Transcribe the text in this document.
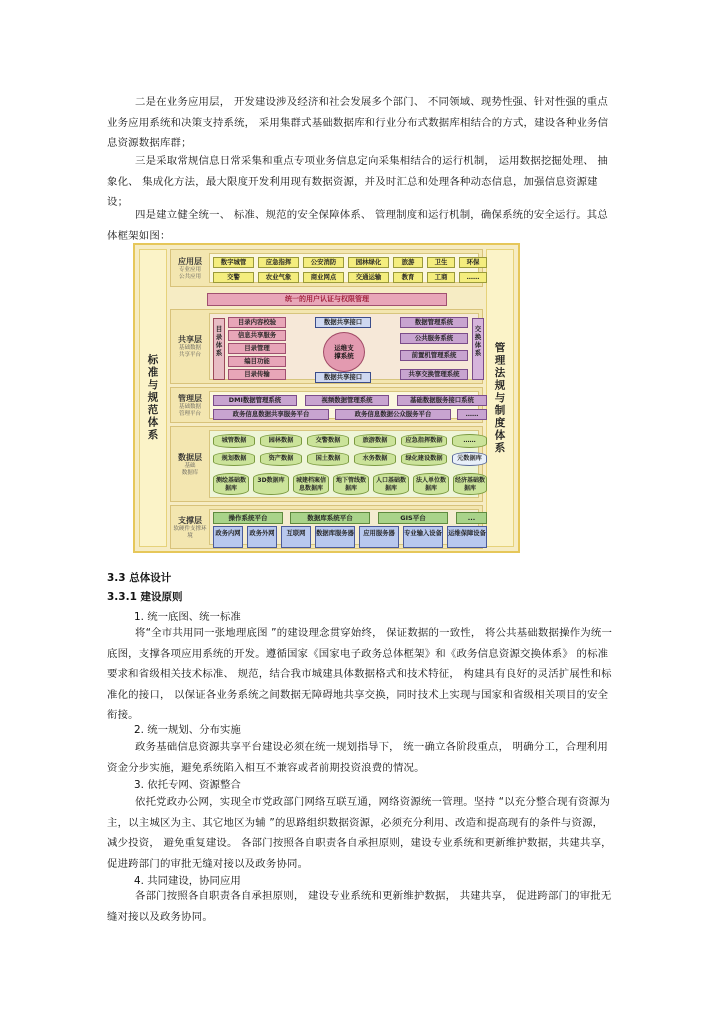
二是在业务应用层， 开发建设涉及经济和社会发展多个部门、 不同领域、现势性强、针对性强的重点业务应用系统和决策支持系统， 采用集群式基础数据库和行业分布式数据库相结合的方式，建设各种业务信息资源数据库群；

三是采取常规信息日常采集和重点专项业务信息定向采集相结合的运行机制， 运用数据挖掘处理、 抽象化、 集成化方法，最大限度开发利用现有数据资源，并及时汇总和处理各种动态信息，加强信息资源建设；

四是建立健全统一、 标准、规范的安全保障体系、 管理制度和运行机制，确保系统的安全运行。其总体框架如图：

标准与规范体系	管理法规与制度体系
应用层
专业应用
公共应用
数字城管	应急指挥	公安消防	园林绿化	旅游	卫生	环保
交警	农业气象	商业网点	交通运输	教育	工商	……
统一的用户认证与权限管理
共享层
基础数据
共享平台
目录体系
目录内容校验
信息共享服务
目录管理
编目功能
目录传输
数据共享接口
运维支撑系统
数据共享接口
数据管理系统
公共服务系统
前置机管理系统
共享交换管理系统
交换体系
管理层
基础数据
管理平台
DMI数据管理系统	视频数据管理系统	基础数据服务接口系统
政务信息数据共享服务平台	政务信息数据公众服务平台	……
数据层
基础
数据库
城管数据	园林数据	交警数据	旅游数据	应急指挥数据	……
规划数据	资产数据	国土数据	水务数据	绿化建设数据	元数据库
测绘基础数据库
3D数据库	城建档案信息数据库
地下管线数据库
人口基础数据库
法人单位数据库
经济基础数据库
支撑层
软硬件支撑环境
操作系统平台	数据库系统平台	GIS平台	...
政务内网	政务外网	互联网	数据库服务器	应用服务器	专业输入设备 运维保障设备

3.3 总体设计

3.3.1 建设原则

1. 统一底图、统一标准

将“全市共用同一张地理底图 ”的建设理念贯穿始终， 保证数据的一致性， 将公共基础数据操作为统一底图，支撑各项应用系统的开发。遵循国家《国家电子政务总体框架》和《政务信息资源交换体系》 的标准要求和省级相关技术标准、 规范，结合我市城建具体数据格式和技术特征， 构建具有良好的灵活扩展性和标准化的接口， 以保证各业务系统之间数据无障碍地共享交换，同时技术上实现与国家和省级相关项目的安全衔接。

2. 统一规划、分布实施

政务基础信息资源共享平台建设必须在统一规划指导下， 统一确立各阶段重点， 明确分工，合理利用资金分步实施，避免系统陷入相互不兼容或者前期投资浪费的情况。

3. 依托专网、资源整合

依托党政办公网，实现全市党政部门网络互联互通，网络资源统一管理。坚持 “以充分整合现有资源为主，以主城区为主、其它地区为辅 ”的思路组织数据资源，必须充分利用、改造和提高现有的条件与资源， 减少投资， 避免重复建设。 各部门按照各自职责各自承担原则，建设专业系统和更新维护数据，共建共享，促进跨部门的审批无缝对接以及政务协同。

4. 共同建设，协同应用

各部门按照各自职责各自承担原则， 建设专业系统和更新维护数据， 共建共享， 促进跨部门的审批无缝对接以及政务协同。
